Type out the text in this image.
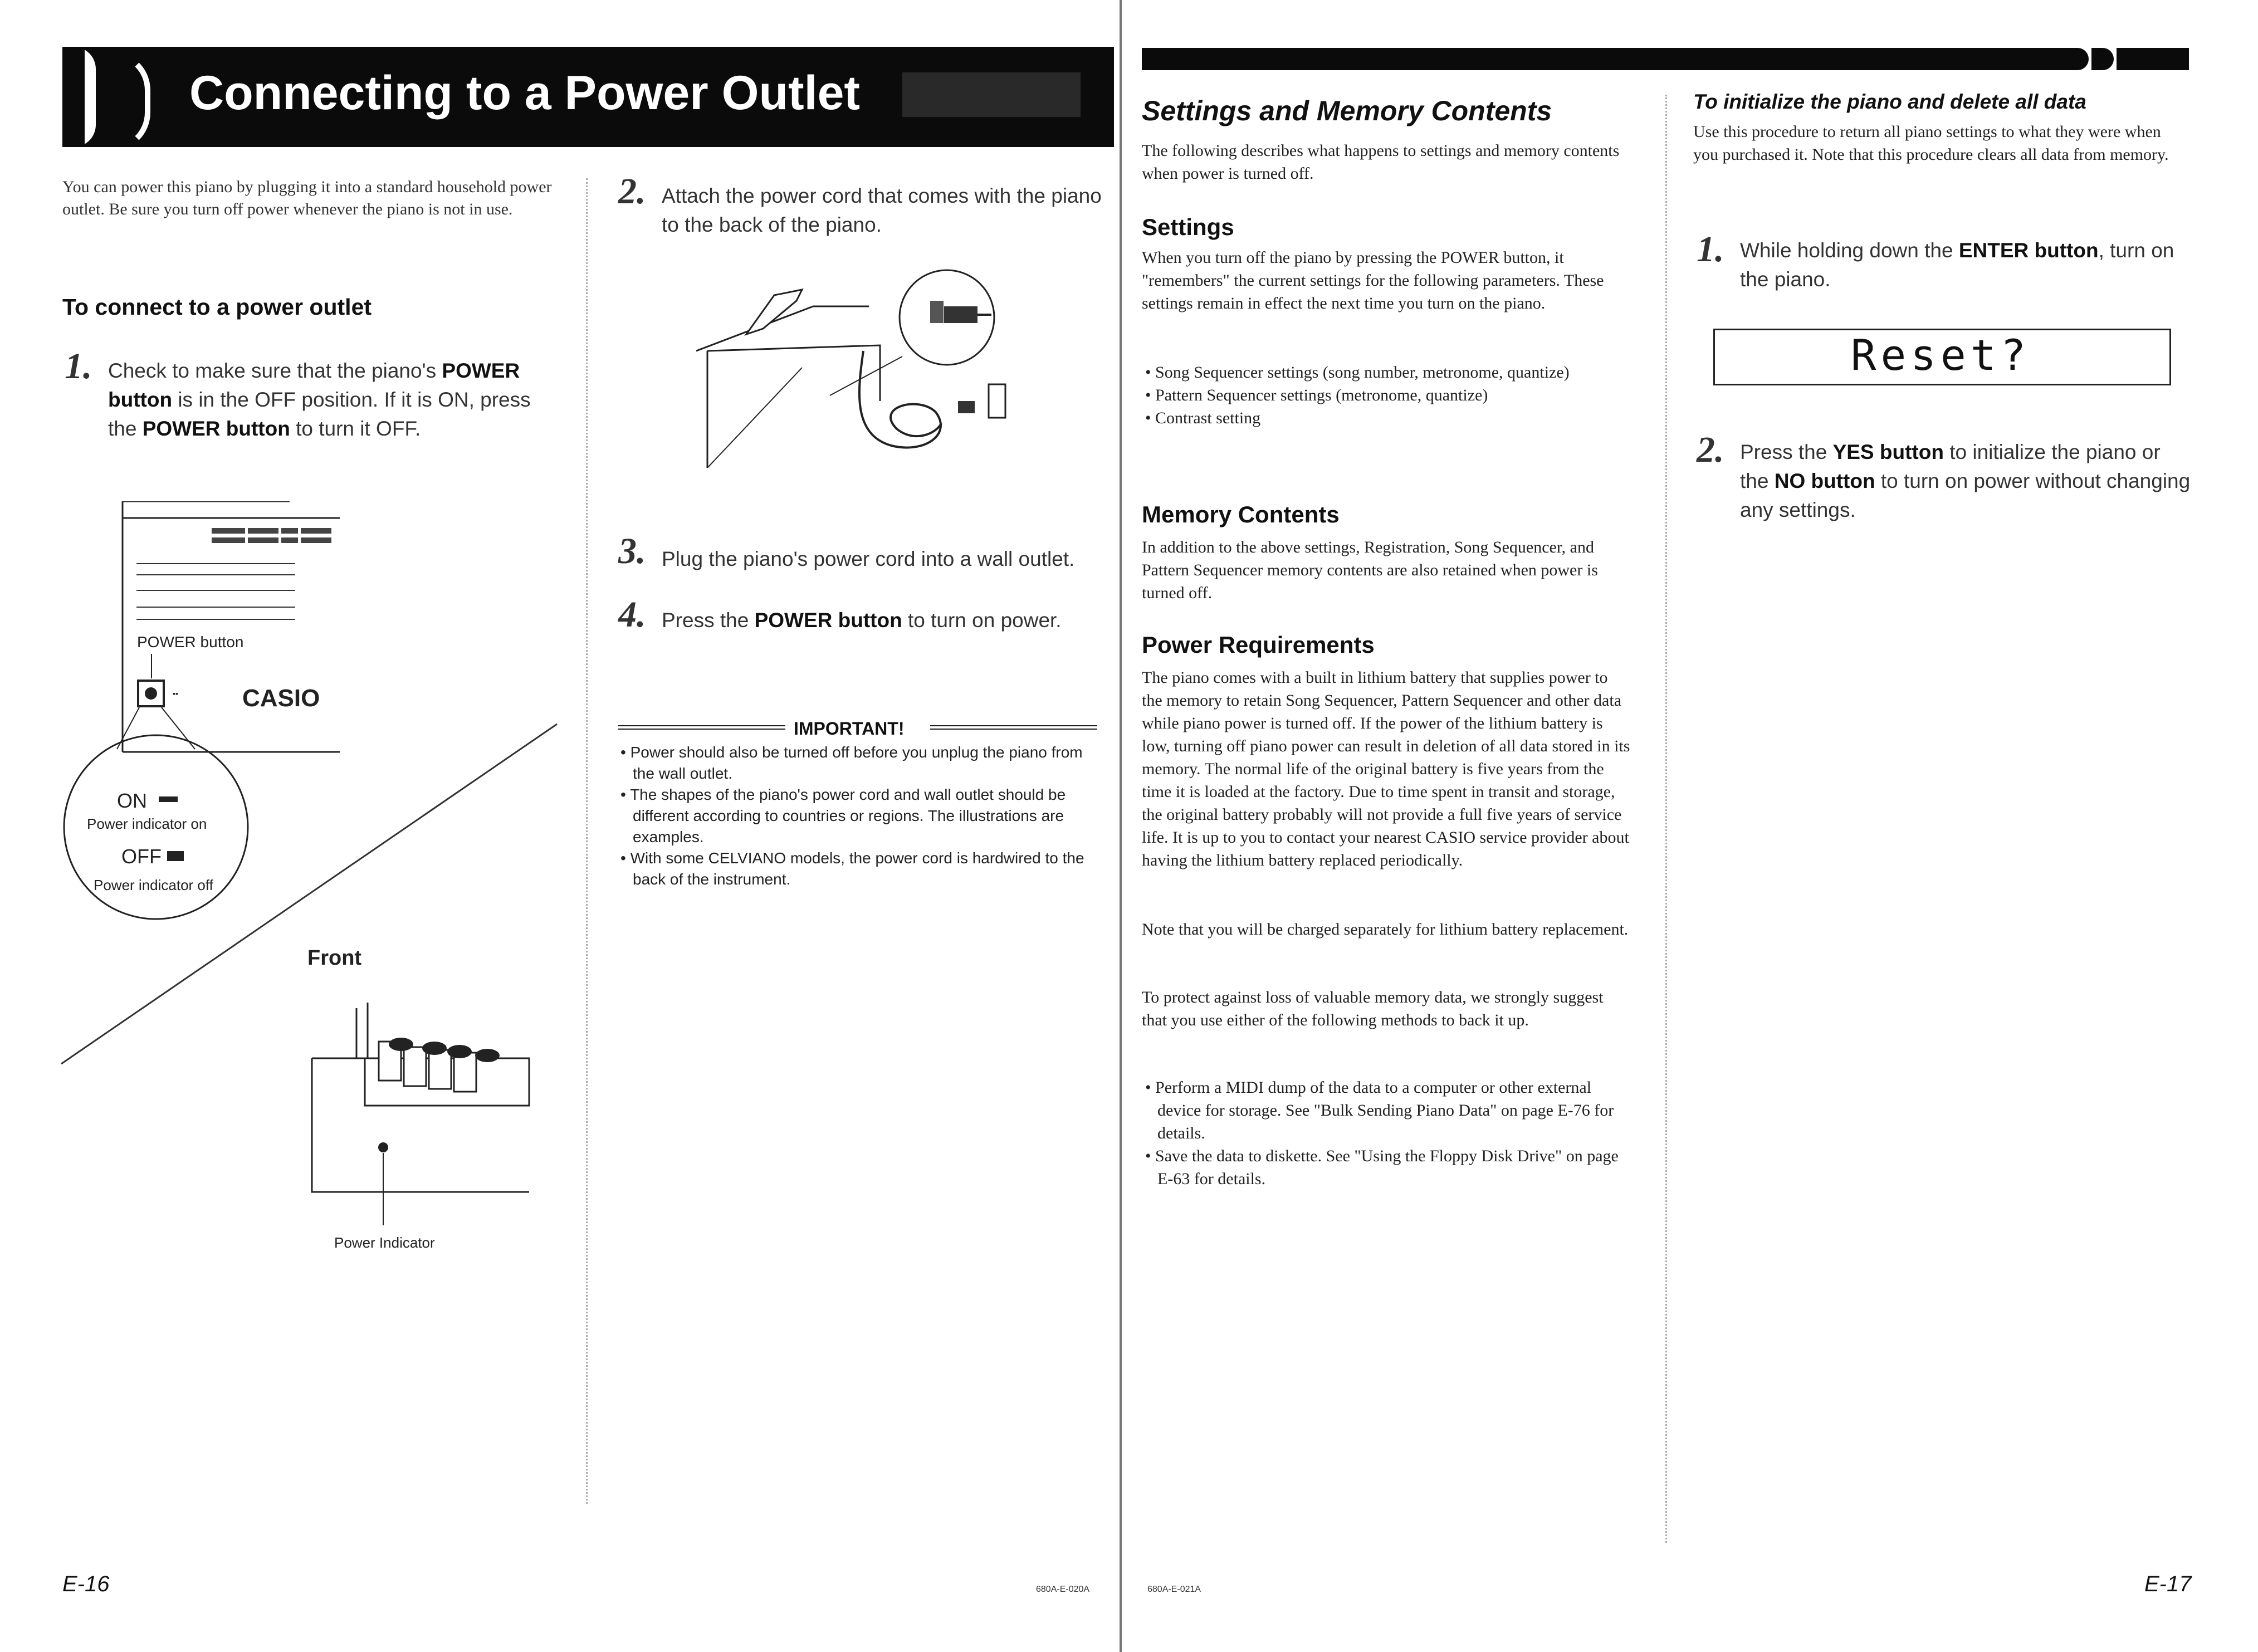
Connecting to a Power Outlet
You can power this piano by plugging it into a standard household power outlet. Be sure you turn off power whenever the piano is not in use.
To connect to a power outlet
1. Check to make sure that the piano's POWER button is in the OFF position. If it is ON, press the POWER button to turn it OFF.
POWER button
▪▪	CASIO
ON
Power indicator on
OFF
Power indicator off
Front
Power Indicator
2. Attach the power cord that comes with the piano to the back of the piano.
3. Plug the piano's power cord into a wall outlet.
4. Press the POWER button to turn on power.
IMPORTANT!
• Power should also be turned off before you unplug the piano from the wall outlet.
• The shapes of the piano's power cord and wall outlet should be different according to countries or regions. The illustrations are examples.
• With some CELVIANO models, the power cord is hardwired to the back of the instrument.
E-16	680A-E-020A
Settings and Memory Contents
The following describes what happens to settings and memory contents when power is turned off.
Settings
When you turn off the piano by pressing the POWER button, it "remembers" the current settings for the following parameters. These settings remain in effect the next time you turn on the piano.
• Song Sequencer settings (song number, metronome, quantize)
• Pattern Sequencer settings (metronome, quantize)
• Contrast setting
Memory Contents
In addition to the above settings, Registration, Song Sequencer, and Pattern Sequencer memory contents are also retained when power is turned off.
Power Requirements
The piano comes with a built in lithium battery that supplies power to the memory to retain Song Sequencer, Pattern Sequencer and other data while piano power is turned off. If the power of the lithium battery is low, turning off piano power can result in deletion of all data stored in its memory. The normal life of the original battery is five years from the time it is loaded at the factory. Due to time spent in transit and storage, the original battery probably will not provide a full five years of service life. It is up to you to contact your nearest CASIO service provider about having the lithium battery replaced periodically.
Note that you will be charged separately for lithium battery replacement.
To protect against loss of valuable memory data, we strongly suggest that you use either of the following methods to back it up.
• Perform a MIDI dump of the data to a computer or other external device for storage. See "Bulk Sending Piano Data" on page E-76 for details.
• Save the data to diskette. See "Using the Floppy Disk Drive" on page E-63 for details.
To initialize the piano and delete all data
Use this procedure to return all piano settings to what they were when you purchased it. Note that this procedure clears all data from memory.
1. While holding down the ENTER button, turn on the piano.
Reset?
2. Press the YES button to initialize the piano or the NO button to turn on power without changing any settings.
E-17
680A-E-021A
